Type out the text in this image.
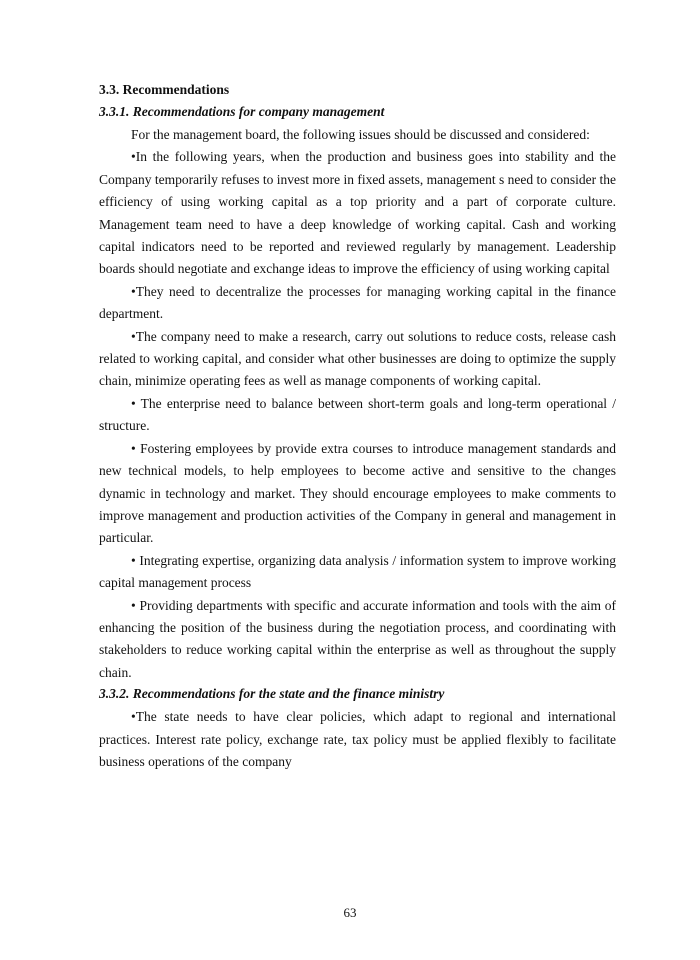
3.3. Recommendations
3.3.1. Recommendations for company management

For the management board, the following issues should be discussed and considered:

•In the following years, when the production and business goes into stability and the Company temporarily refuses to invest more in fixed assets, management s need to consider the efficiency of using working capital as a top priority and a part of corporate culture. Management team need to have a deep knowledge of working capital. Cash and working capital indicators need to be reported and reviewed regularly by management. Leadership boards should negotiate and exchange ideas to improve the efficiency of using working capital

•They need to decentralize the processes for managing working capital in the finance department.

•The company need to make a research, carry out solutions to reduce costs, release cash related to working capital, and consider what other businesses are doing to optimize the supply chain, minimize operating fees as well as manage components of working capital.

• The enterprise need to balance between short-term goals and long-term operational / structure.

• Fostering employees by provide extra courses to introduce management standards and new technical models, to help employees to become active and sensitive to the changes dynamic in technology and market. They should encourage employees to make comments to improve management and production activities of the Company in general and management in particular.

• Integrating expertise, organizing data analysis / information system to improve working capital management process

• Providing departments with specific and accurate information and tools with the aim of enhancing the position of the business during the negotiation process, and coordinating with stakeholders to reduce working capital within the enterprise as well as throughout the supply chain.

3.3.2. Recommendations for the state and the finance ministry

•The state needs to have clear policies, which adapt to regional and international practices. Interest rate policy, exchange rate, tax policy must be applied flexibly to facilitate business operations of the company

63
